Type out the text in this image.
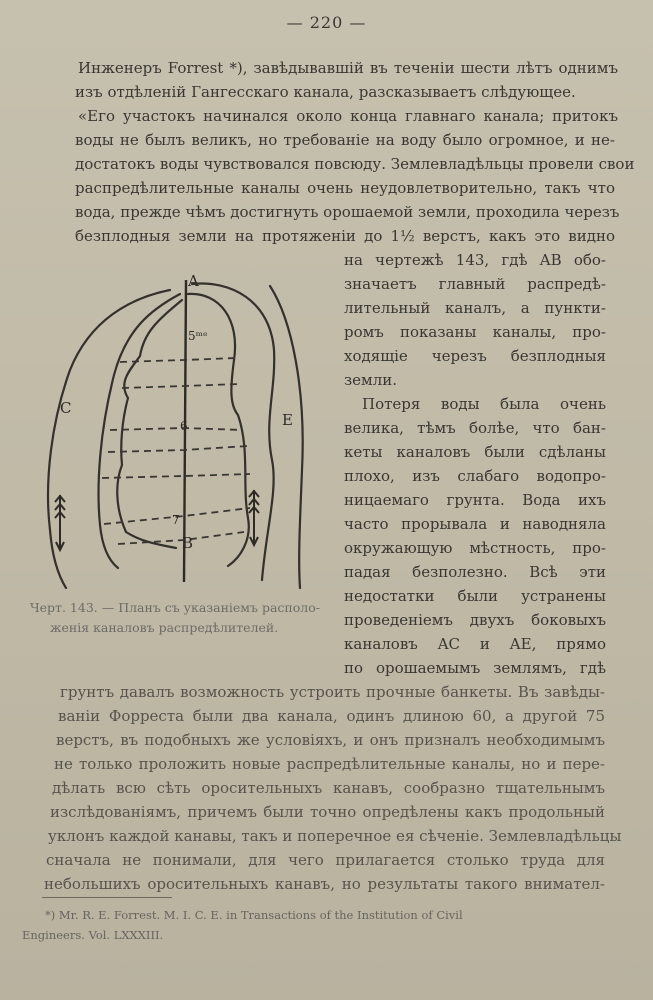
— 220 —
Инженеръ Forrest *), завѣдывавшій въ теченіи шести лѣтъ однимъ
изъ отдѣленій Гангесскаго канала, разсказываетъ слѣдующее.
«Его участокъ начинался около конца главнаго канала; притокъ
воды не былъ великъ, но требованіе на воду было огромное, и не-
достатокъ воды чувствовался повсюду. Землевладѣльцы провели свои
распредѣлительные каналы очень неудовлетворительно, такъ что
вода, прежде чѣмъ достигнуть орошаемой земли, проходила черезъ
безплодныя земли на протяженіи до 1½ верстъ, какъ это видно
на чертежѣ 143, гдѣ AB обо-
значаетъ главный распредѣ-
лительный каналъ, а пункти-
ромъ показаны каналы, про-
ходящіе черезъ безплодныя
земли.
Потеря воды была очень
велика, тѣмъ болѣе, что бан-
кеты каналовъ были сдѣланы
плохо, изъ слабаго водопро-
ницаемаго грунта. Вода ихъ
часто прорывала и наводняла
окружающую мѣстность, про-
падая безполезно. Всѣ эти
недостатки были устранены
проведеніемъ двухъ боковыхъ
каналовъ AC и AE, прямо
по орошаемымъ землямъ, гдѣ
A
B
C
E
5ᵐᵉ
6
7
Черт. 143. — Планъ съ указаніемъ располо-
женія каналовъ распредѣлителей.
грунтъ давалъ возможность устроить прочные банкеты. Въ завѣды-
ваніи Форреста были два канала, одинъ длиною 60, а другой 75
верстъ, въ подобныхъ же условіяхъ, и онъ призналъ необходимымъ
не только проложить новые распредѣлительные каналы, но и пере-
дѣлать всю сѣть оросительныхъ канавъ, сообразно тщательнымъ
изслѣдованіямъ, причемъ были точно опредѣлены какъ продольный
уклонъ каждой канавы, такъ и поперечное ея сѣченіе. Землевладѣльцы
сначала не понимали, для чего прилагается столько труда для
небольшихъ оросительныхъ канавъ, но результаты такого внимател-
*) Mr. R. E. Forrest. M. I. C. E. in Transactions of the Institution of Civil
Engineers. Vol. LXXXIII.
